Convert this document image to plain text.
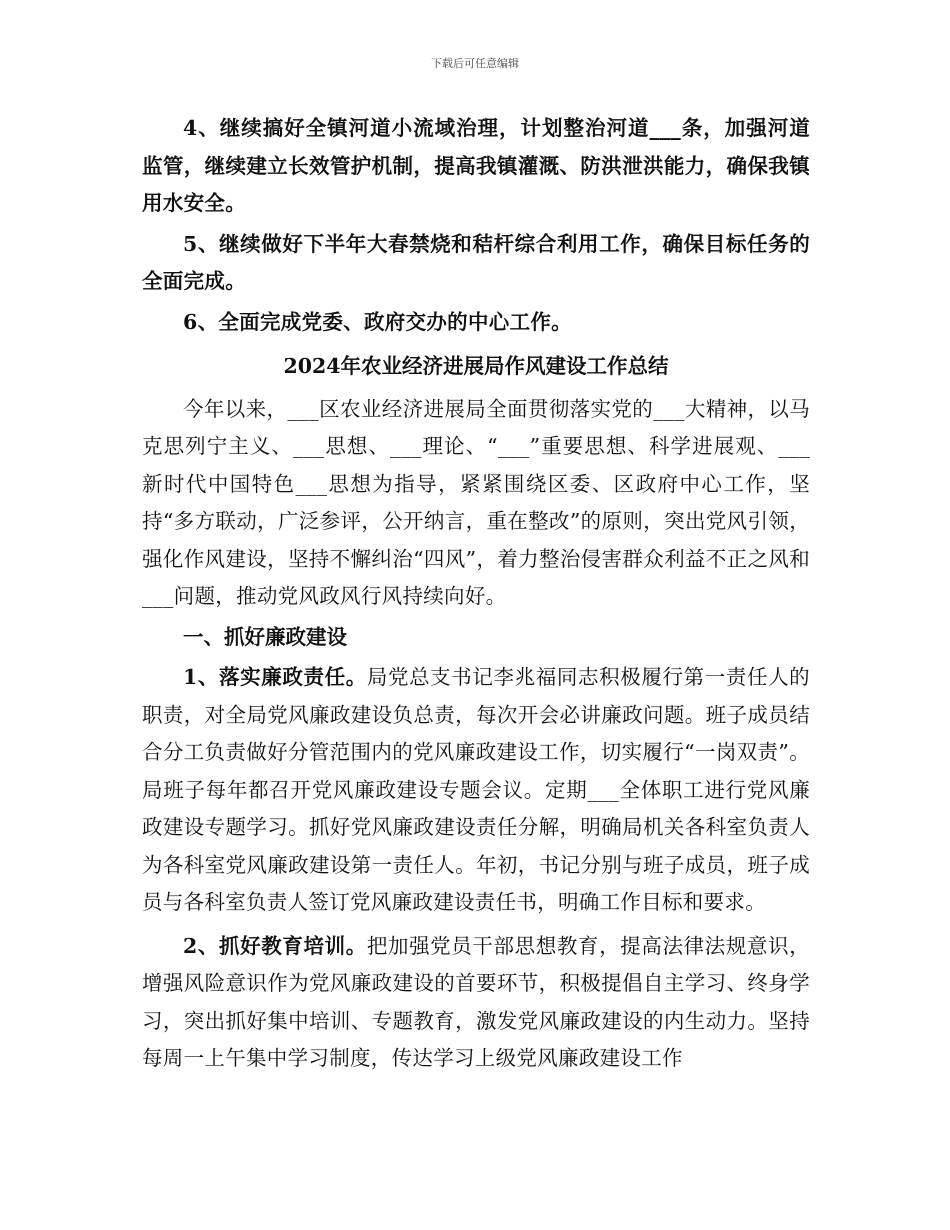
下载后可任意编辑

4、继续搞好全镇河道小流域治理，计划整治河道___条，加强河道监管，继续建立长效管护机制，提高我镇灌溉、防洪泄洪能力，确保我镇用水安全。

5、继续做好下半年大春禁烧和秸杆综合利用工作，确保目标任务的全面完成。

6、全面完成党委、政府交办的中心工作。

2024年农业经济进展局作风建设工作总结

今年以来，___区农业经济进展局全面贯彻落实党的___大精神，以马克思列宁主义、___思想、___理论、“___”重要思想、科学进展观、___新时代中国特色___思想为指导，紧紧围绕区委、区政府中心工作，坚持“多方联动，广泛参评，公开纳言，重在整改”的原则，突出党风引领，强化作风建设，坚持不懈纠治“四风”，着力整治侵害群众利益不正之风和___问题，推动党风政风行风持续向好。

一、抓好廉政建设

1、落实廉政责任。局党总支书记李兆福同志积极履行第一责任人的职责，对全局党风廉政建设负总责，每次开会必讲廉政问题。班子成员结合分工负责做好分管范围内的党风廉政建设工作，切实履行“一岗双责”。局班子每年都召开党风廉政建设专题会议。定期___全体职工进行党风廉政建设专题学习。抓好党风廉政建设责任分解，明确局机关各科室负责人为各科室党风廉政建设第一责任人。年初，书记分别与班子成员，班子成员与各科室负责人签订党风廉政建设责任书，明确工作目标和要求。

2、抓好教育培训。把加强党员干部思想教育，提高法律法规意识，增强风险意识作为党风廉政建设的首要环节，积极提倡自主学习、终身学习，突出抓好集中培训、专题教育，激发党风廉政建设的内生动力。坚持每周一上午集中学习制度，传达学习上级党风廉政建设工作
